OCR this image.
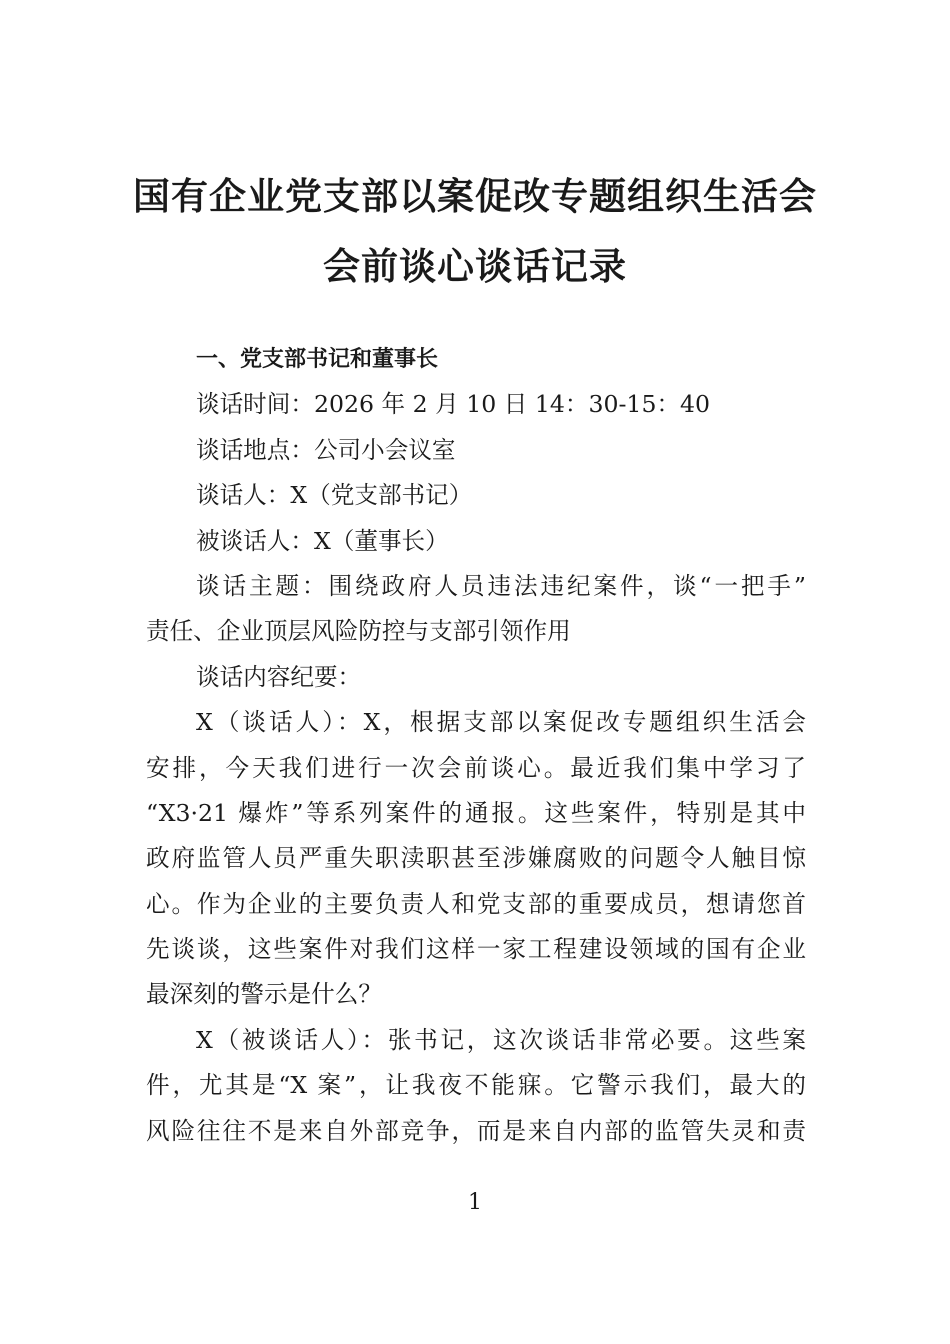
国有企业党支部以案促改专题组织生活会
会前谈心谈话记录
一、党支部书记和董事长
谈话时间：2026 年 2 月 10 日 14：30-15：40
谈话地点：公司小会议室
谈话人：X（党支部书记）
被谈话人：X（董事长）
谈话主题：围绕政府人员违法违纪案件，谈“一把手”
责任、企业顶层风险防控与支部引领作用
谈话内容纪要：
X（谈话人）：X，根据支部以案促改专题组织生活会
安排，今天我们进行一次会前谈心。最近我们集中学习了
“X3·21 爆炸”等系列案件的通报。这些案件，特别是其中
政府监管人员严重失职渎职甚至涉嫌腐败的问题令人触目惊
心。作为企业的主要负责人和党支部的重要成员，想请您首
先谈谈，这些案件对我们这样一家工程建设领域的国有企业
最深刻的警示是什么？
X（被谈话人）：张书记，这次谈话非常必要。这些案
件，尤其是“X 案”，让我夜不能寐。它警示我们，最大的
风险往往不是来自外部竞争，而是来自内部的监管失灵和责
1
